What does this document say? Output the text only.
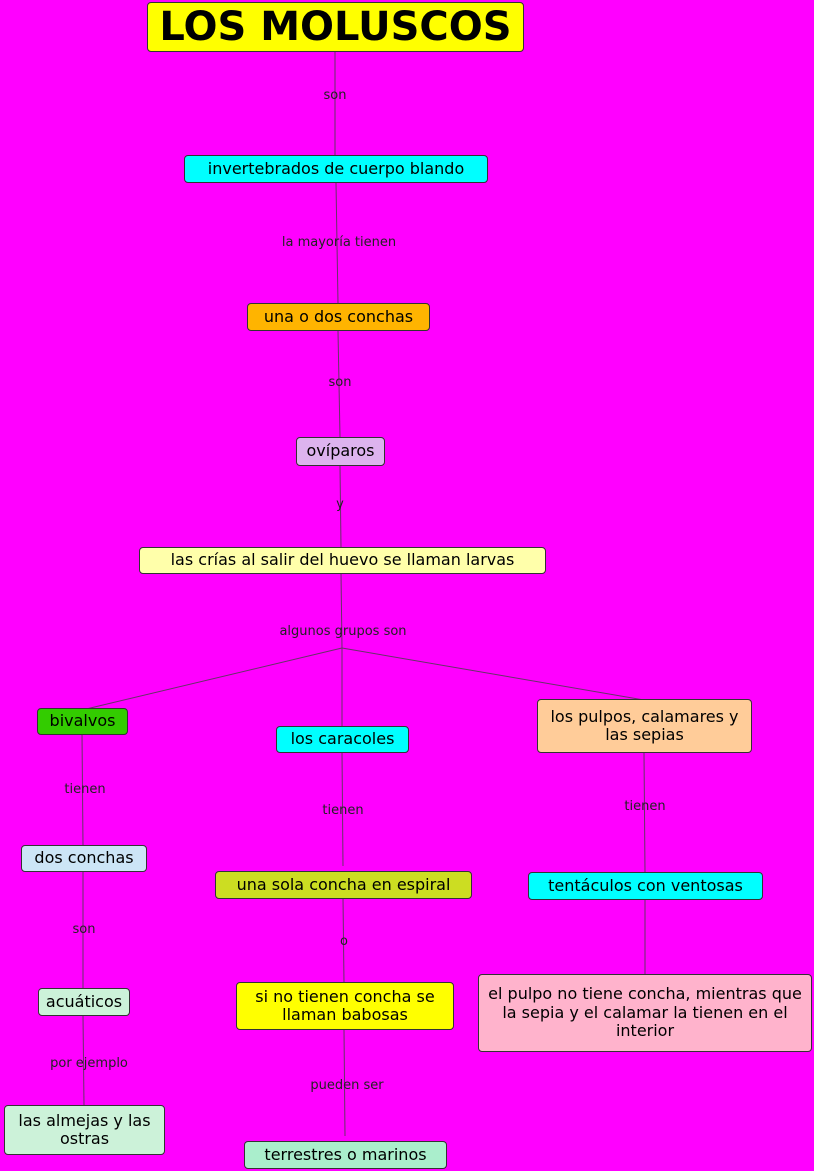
LOS MOLUSCOS
son
invertebrados de cuerpo blando
la mayoría tienen
una o dos conchas
son
ovíparos
y
las crías al salir del huevo se llaman larvas
algunos grupos son
bivalvos
los caracoles
los pulpos, calamares y las sepias
tienen
tienen	tienen
dos conchas
una sola concha en espiral	tentáculos con ventosas
son
o
acuáticos	si no tienen concha se llaman babosas
el pulpo no tiene concha, mientras que la sepia y el calamar la tienen en el interior
por ejemplo
pueden ser
las almejas y las ostras
terrestres o marinos
